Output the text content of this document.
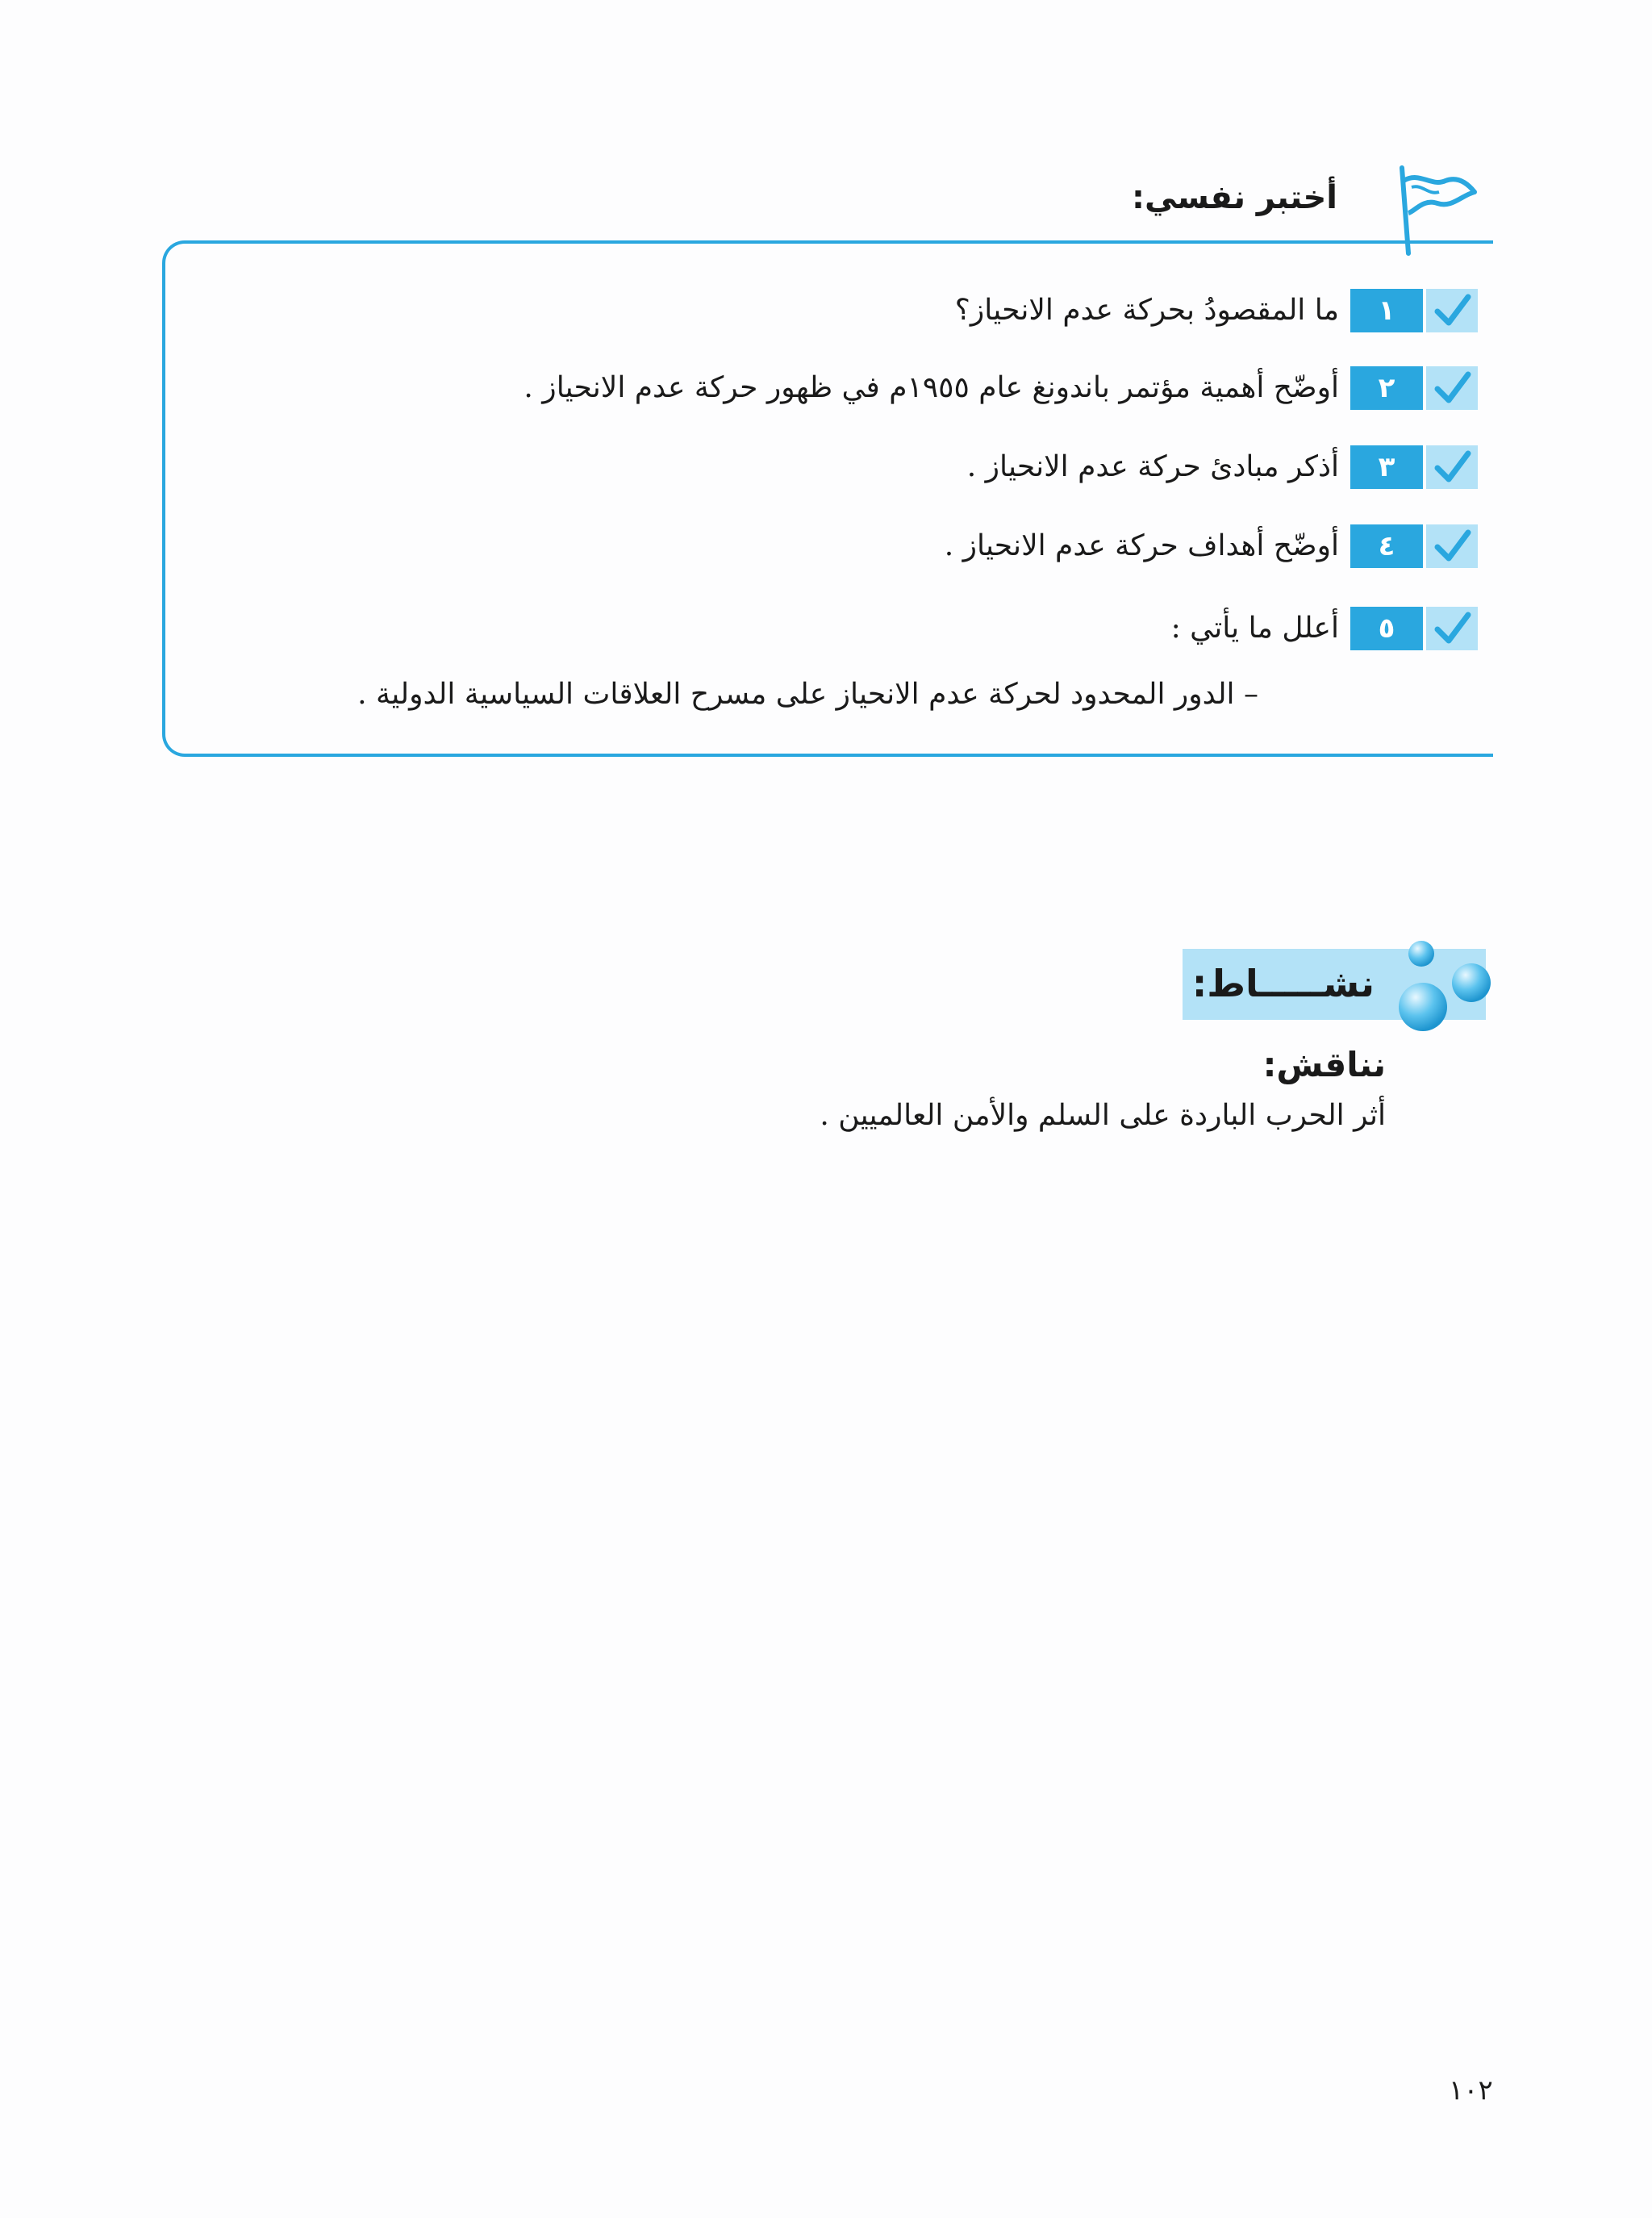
أختبر نفسي:
١
ما المقصودُ بحركة عدم الانحياز؟
٢
أوضّح أهمية مؤتمر باندونغ عام ١٩٥٥م في ظهور حركة عدم الانحياز .
٣
أذكر مبادئ حركة عدم الانحياز .
٤
أوضّح أهداف حركة عدم الانحياز .
٥
أعلل ما يأتي :
– الدور المحدود لحركة عدم الانحياز على مسرح العلاقات السياسية الدولية .
نشـــــاط:
نناقش:
أثر الحرب الباردة على السلم والأمن العالميين .
١٠٢
